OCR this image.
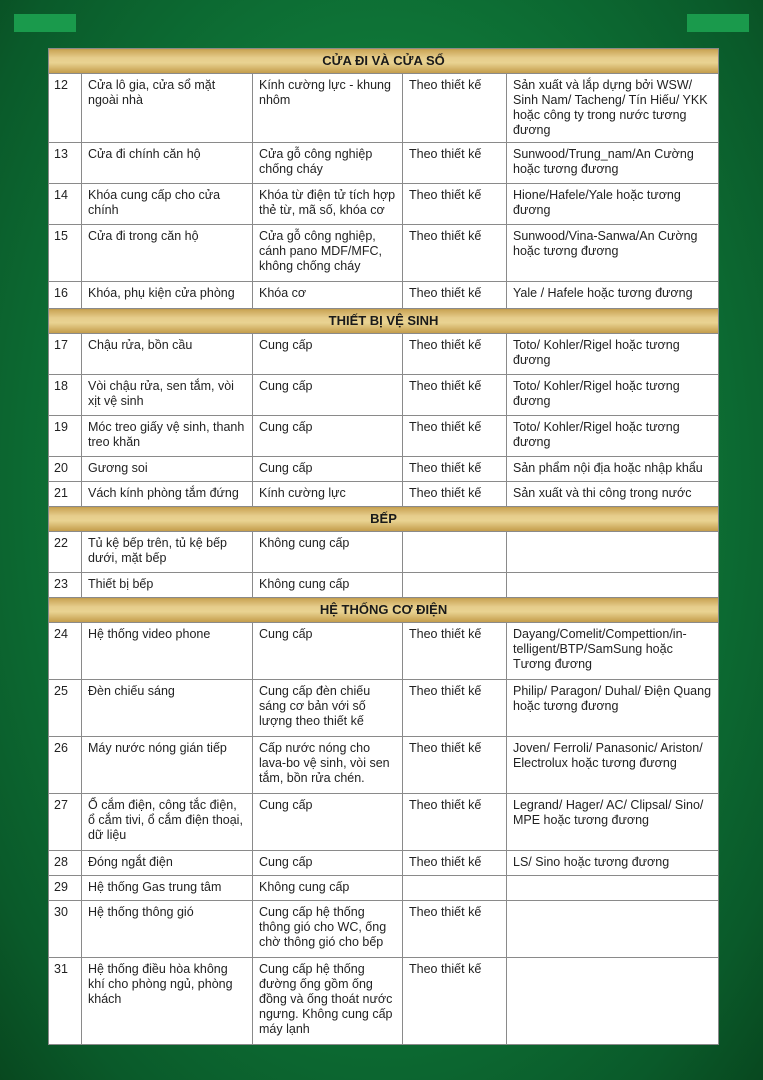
CỬA ĐI VÀ CỬA SỔ				
12	Cửa lô gia, cửa sổ mặt ngoài nhà	Kính cường lực - khung nhôm	Theo thiết kế	Sản xuất và lắp dựng bởi WSW/ Sinh Nam/ Tacheng/ Tín Hiếu/ YKK hoặc công ty trong nước tương đương
13	Cửa đi chính căn hộ	Cửa gỗ công nghiệp chống cháy	Theo thiết kế	Sunwood/Trung_nam/An Cường hoặc tương đương
14	Khóa cung cấp cho cửa chính	Khóa từ điện tử tích hợp thẻ từ, mã số, khóa cơ	Theo thiết kế	Hione/Hafele/Yale hoặc tương đương
15	Cửa đi trong căn hộ	Cửa gỗ công nghiệp, cánh pano MDF/MFC, không chống cháy	Theo thiết kế	Sunwood/Vina-Sanwa/An Cường hoặc tương đương
16	Khóa, phụ kiện cửa phòng	Khóa cơ	Theo thiết kế	Yale / Hafele hoặc tương đương
THIẾT BỊ VỆ SINH				
17	Chậu rửa, bồn cầu	Cung cấp	Theo thiết kế	Toto/ Kohler/Rigel hoặc tương đương
18	Vòi chậu rửa, sen tắm, vòi xịt vệ sinh	Cung cấp	Theo thiết kế	Toto/ Kohler/Rigel hoặc tương đương
19	Móc treo giấy vệ sinh, thanh treo khăn	Cung cấp	Theo thiết kế	Toto/ Kohler/Rigel hoặc tương đương
20	Gương soi	Cung cấp	Theo thiết kế	Sản phẩm nội địa hoặc nhập khẩu
21	Vách kính phòng tắm đứng	Kính cường lực	Theo thiết kế	Sản xuất và thi công trong nước
BẾP				
22	Tủ kệ bếp trên, tủ kệ bếp dưới, mặt bếp	Không cung cấp		
23	Thiết bị bếp	Không cung cấp		
HỆ THỐNG CƠ ĐIỆN				
24	Hệ thống video phone	Cung cấp	Theo thiết kế	Dayang/Comelit/Compettion/in-telligent/BTP/SamSung hoặc Tương đương
25	Đèn chiếu sáng	Cung cấp đèn chiếu sáng cơ bản với số lượng theo thiết kế	Theo thiết kế	Philip/ Paragon/ Duhal/ Điện Quang hoặc tương đương
26	Máy nước nóng gián tiếp	Cấp nước nóng cho lava-bo vệ sinh, vòi sen tắm, bồn rửa chén.	Theo thiết kế	Joven/ Ferroli/ Panasonic/ Ariston/ Electrolux hoặc tương đương
27	Ổ cắm điện, công tắc điện, ổ cắm tivi, ổ cắm điện thoại, dữ liệu	Cung cấp	Theo thiết kế	Legrand/ Hager/ AC/ Clipsal/ Sino/ MPE hoặc tương đương
28	Đóng ngắt điện	Cung cấp	Theo thiết kế	LS/ Sino hoặc tương đương
29	Hệ thống Gas trung tâm	Không cung cấp		
30	Hệ thống thông gió	Cung cấp hệ thống thông gió cho WC, ống chờ thông gió cho bếp	Theo thiết kế	
31	Hệ thống điều hòa không khí cho phòng ngủ, phòng khách	Cung cấp hệ thống đường ống gồm ống đồng và ống thoát nước ngưng. Không cung cấp máy lạnh	Theo thiết kế	
